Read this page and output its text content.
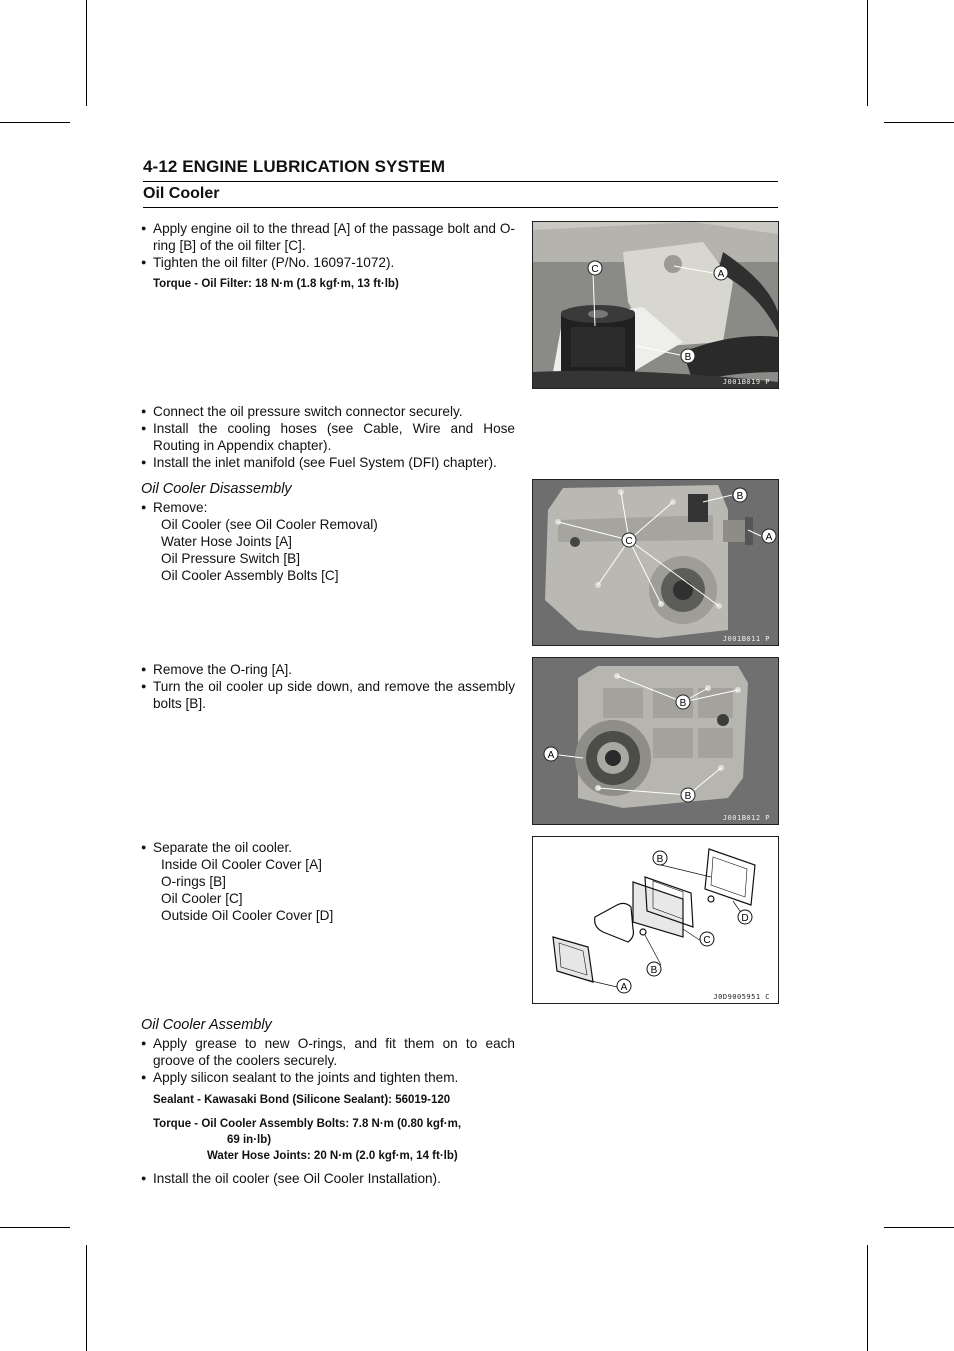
4-12 ENGINE LUBRICATION SYSTEM
Oil Cooler
● Apply engine oil to the thread [A] of the passage bolt and O-ring [B] of the oil filter [C].
● Tighten the oil filter (P/No. 16097-1072).
Torque - Oil Filter: 18 N·m (1.8 kgf·m, 13 ft·lb)
C	A
B
J001B019 P
● Connect the oil pressure switch connector securely.
● Install the cooling hoses (see Cable, Wire and Hose Routing in Appendix chapter).
● Install the inlet manifold (see Fuel System (DFI) chapter).
Oil Cooler Disassembly
● Remove:
Oil Cooler (see Oil Cooler Removal)
Water Hose Joints [A]
Oil Pressure Switch [B]
Oil Cooler Assembly Bolts [C]
B
A
C
J001B011 P
● Remove the O-ring [A].
● Turn the oil cooler up side down, and remove the assembly bolts [B].	B
A
B
J001B012 P
● Separate the oil cooler.
Inside Oil Cooler Cover [A]
O-rings [B]
Oil Cooler [C]
Outside Oil Cooler Cover [D]
B
D
C
B
A
J0D9005951 C
Oil Cooler Assembly
● Apply grease to new O-rings, and fit them on to each groove of the coolers securely.
● Apply silicon sealant to the joints and tighten them.
Sealant - Kawasaki Bond (Silicone Sealant): 56019-120
Torque - Oil Cooler Assembly Bolts: 7.8 N·m (0.80 kgf·m,
69 in·lb)
Water Hose Joints: 20 N·m (2.0 kgf·m, 14 ft·lb)
● Install the oil cooler (see Oil Cooler Installation).
